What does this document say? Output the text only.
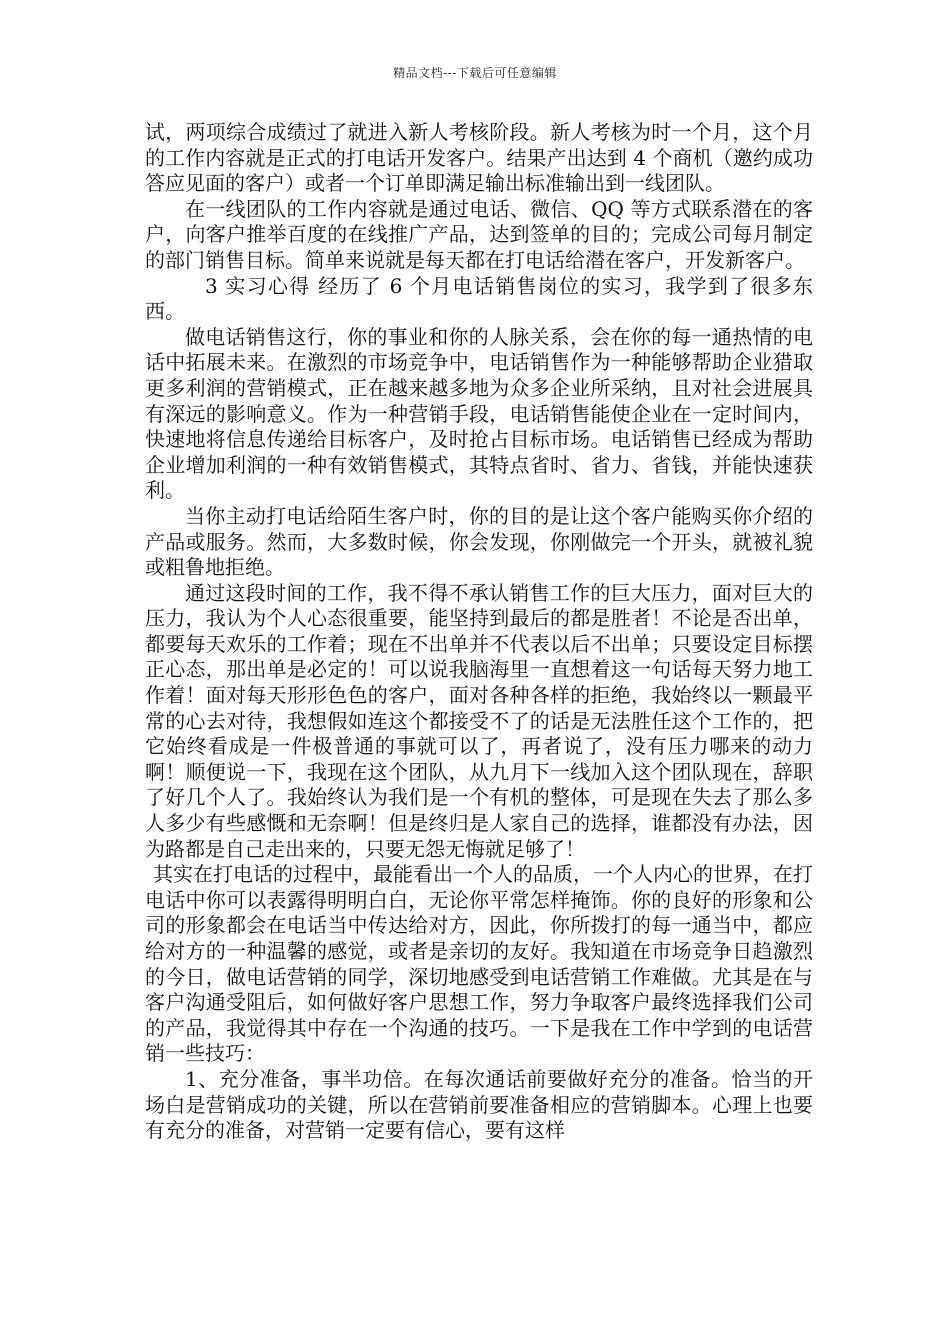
精品文档---下载后可任意编辑

试，两项综合成绩过了就进入新人考核阶段。新人考核为时一个月，这个月的工作内容就是正式的打电话开发客户。结果产出达到 4 个商机（邀约成功答应见面的客户）或者一个订单即满足输出标准输出到一线团队。

在一线团队的工作内容就是通过电话、微信、QQ 等方式联系潜在的客户，向客户推举百度的在线推广产品，达到签单的目的；完成公司每月制定的部门销售目标。简单来说就是每天都在打电话给潜在客户，开发新客户。

3 实习心得 经历了 6 个月电话销售岗位的实习，我学到了很多东西。

做电话销售这行，你的事业和你的人脉关系，会在你的每一通热情的电话中拓展未来。在激烈的市场竞争中，电话销售作为一种能够帮助企业猎取更多利润的营销模式，正在越来越多地为众多企业所采纳，且对社会进展具有深远的影响意义。作为一种营销手段，电话销售能使企业在一定时间内，快速地将信息传递给目标客户，及时抢占目标市场。电话销售已经成为帮助企业增加利润的一种有效销售模式，其特点省时、省力、省钱，并能快速获利。

当你主动打电话给陌生客户时，你的目的是让这个客户能购买你介绍的产品或服务。然而，大多数时候，你会发现，你刚做完一个开头，就被礼貌或粗鲁地拒绝。

通过这段时间的工作，我不得不承认销售工作的巨大压力，面对巨大的压力，我认为个人心态很重要，能坚持到最后的都是胜者！不论是否出单，都要每天欢乐的工作着；现在不出单并不代表以后不出单；只要设定目标摆正心态，那出单是必定的！可以说我脑海里一直想着这一句话每天努力地工作着！面对每天形形色色的客户，面对各种各样的拒绝，我始终以一颗最平常的心去对待，我想假如连这个都接受不了的话是无法胜任这个工作的，把它始终看成是一件极普通的事就可以了，再者说了，没有压力哪来的动力啊！顺便说一下，我现在这个团队，从九月下一线加入这个团队现在，辞职了好几个人了。我始终认为我们是一个有机的整体，可是现在失去了那么多人多少有些感慨和无奈啊！但是终归是人家自己的选择，谁都没有办法，因为路都是自己走出来的，只要无怨无悔就足够了！

其实在打电话的过程中，最能看出一个人的品质，一个人内心的世界，在打电话中你可以表露得明明白白，无论你平常怎样掩饰。你的良好的形象和公司的形象都会在电话当中传达给对方，因此，你所拨打的每一通当中，都应给对方的一种温馨的感觉，或者是亲切的友好。我知道在市场竞争日趋激烈的今日，做电话营销的同学，深切地感受到电话营销工作难做。尤其是在与客户沟通受阻后，如何做好客户思想工作，努力争取客户最终选择我们公司的产品，我觉得其中存在一个沟通的技巧。一下是我在工作中学到的电话营销一些技巧：

1、充分准备，事半功倍。在每次通话前要做好充分的准备。恰当的开场白是营销成功的关键，所以在营销前要准备相应的营销脚本。心理上也要有充分的准备，对营销一定要有信心，要有这样
